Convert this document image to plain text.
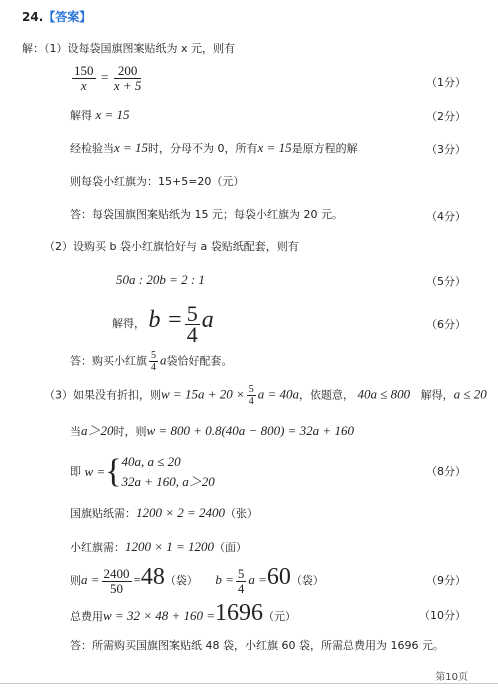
24.【答案】
解：（1）设每袋国旗图案贴纸为 x 元，则有
$\frac{150}{x} = \frac{200}{x + 5}$	（1分）
解得 x = 15	（2分）
经检验当x = 15时，分母不为 0，所有x = 15是原方程的解	（3分）
则每袋小红旗为：15+5=20（元）
答：每袋国旗图案贴纸为 15 元；每袋小红旗为 20 元。	（4分）
（2）设购买 b 袋小红旗恰好与 a 袋贴纸配套，则有
50a : 20b = 2 : 1	（5分）
解得， $b = \frac{5}{4}$ a	（6分）
答：购买小红旗 $\frac{5}{4}$ a袋恰好配套。
（3）如果没有折扣，则$w = 15a + 20 \times \frac{5}{4}$ a = 40a，依题意， 40a ≤ 800 解得，a ≤ 20
当a＞20时，则w = 800 + 0.8(40a − 800) = 32a + 160
即 w ={ 40a, a ≤ 20
32a + 160, a＞20
（8分）
国旗贴纸需：1200 × 2 = 2400（张）
小红旗需：1200 × 1 = 1200（面）
则$a = \frac{2400}{50} =48$（袋） $b = \frac{5}{4}$ a =60（袋）	（9分）
总费用w = 32 × 48 + 160 =1696（元）	（10分）
答：所需购买国旗图案贴纸 48 袋，小红旗 60 袋，所需总费用为 1696 元。
第10页
